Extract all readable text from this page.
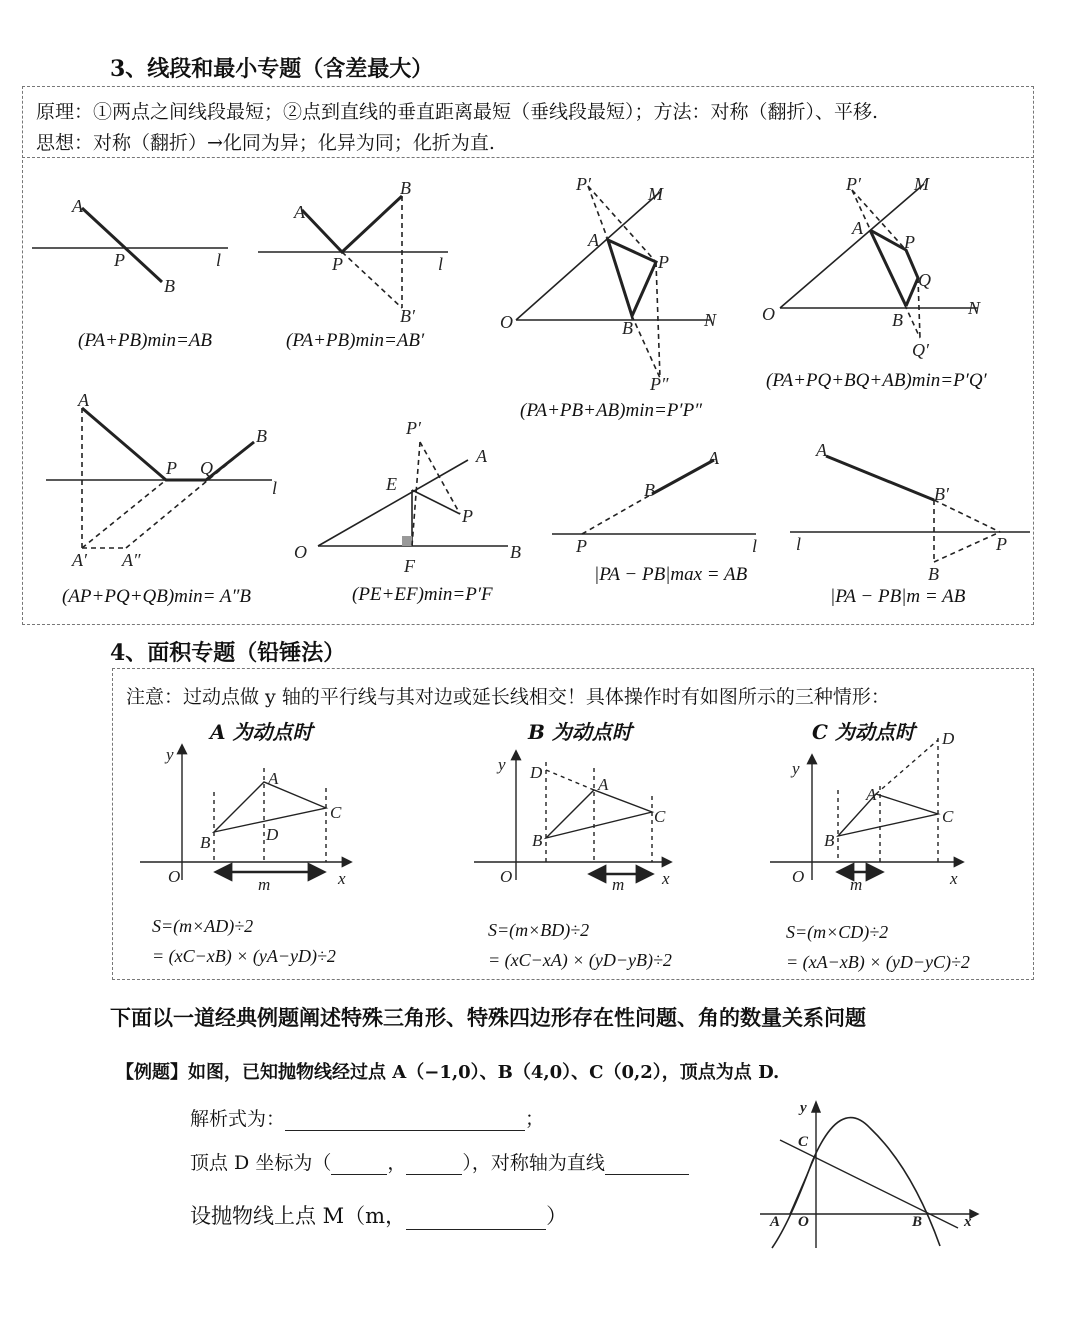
3、线段和最小专题（含差最大）
原理：①两点之间线段最短；②点到直线的垂直距离最短（垂线段最短）；方法：对称（翻折）、平移.
思想：对称（翻折）→化同为异；化异为同；化折为直.
A
P
B
l
A
P
B
B′
l
P′	M
A
P
B	N
O
P″
P′	M
A
P
Q
B
N
O
Q′
A
P Q
B
l
A′ A″
P′
A
E
P
O
F
B
A
B
P	l
A
B′
P
B
l
(PA+PB)min=AB	(PA+PB)min=AB′
(PA+PB+AB)min=P′P″
(PA+PQ+BQ+AB)min=P′Q′
(AP+PQ+QB)min= A″B	(PE+EF)min=P′F
|PA − PB|max = AB
|PA − PB|m = AB
4、面积专题（铅锤法）
注意：过动点做 y 轴的平行线与其对边或延长线相交！具体操作时有如图所示的三种情形：
A 为动点时	B 为动点时	C 为动点时
y
x
O
B
A
C
D
m
y
x
O
B
A
C
D
m
y
x
O
B
A
C
D
m
S=(m×AD)÷2
= (xC−xB) × (yA−yD)÷2
S=(m×BD)÷2
= (xC−xA) × (yD−yB)÷2
S=(m×CD)÷2
= (xA−xB) × (yD−yC)÷2
下面以一道经典例题阐述特殊三角形、特殊四边形存在性问题、角的数量关系问题
【例题】如图，已知抛物线经过点 A（−1,0）、B（4,0）、C（0,2），顶点为点 D.
解析式为：	；
顶点 D 坐标为（	，	），对称轴为直线
设抛物线上点 M（m，	）
y
x
C
A O	B
